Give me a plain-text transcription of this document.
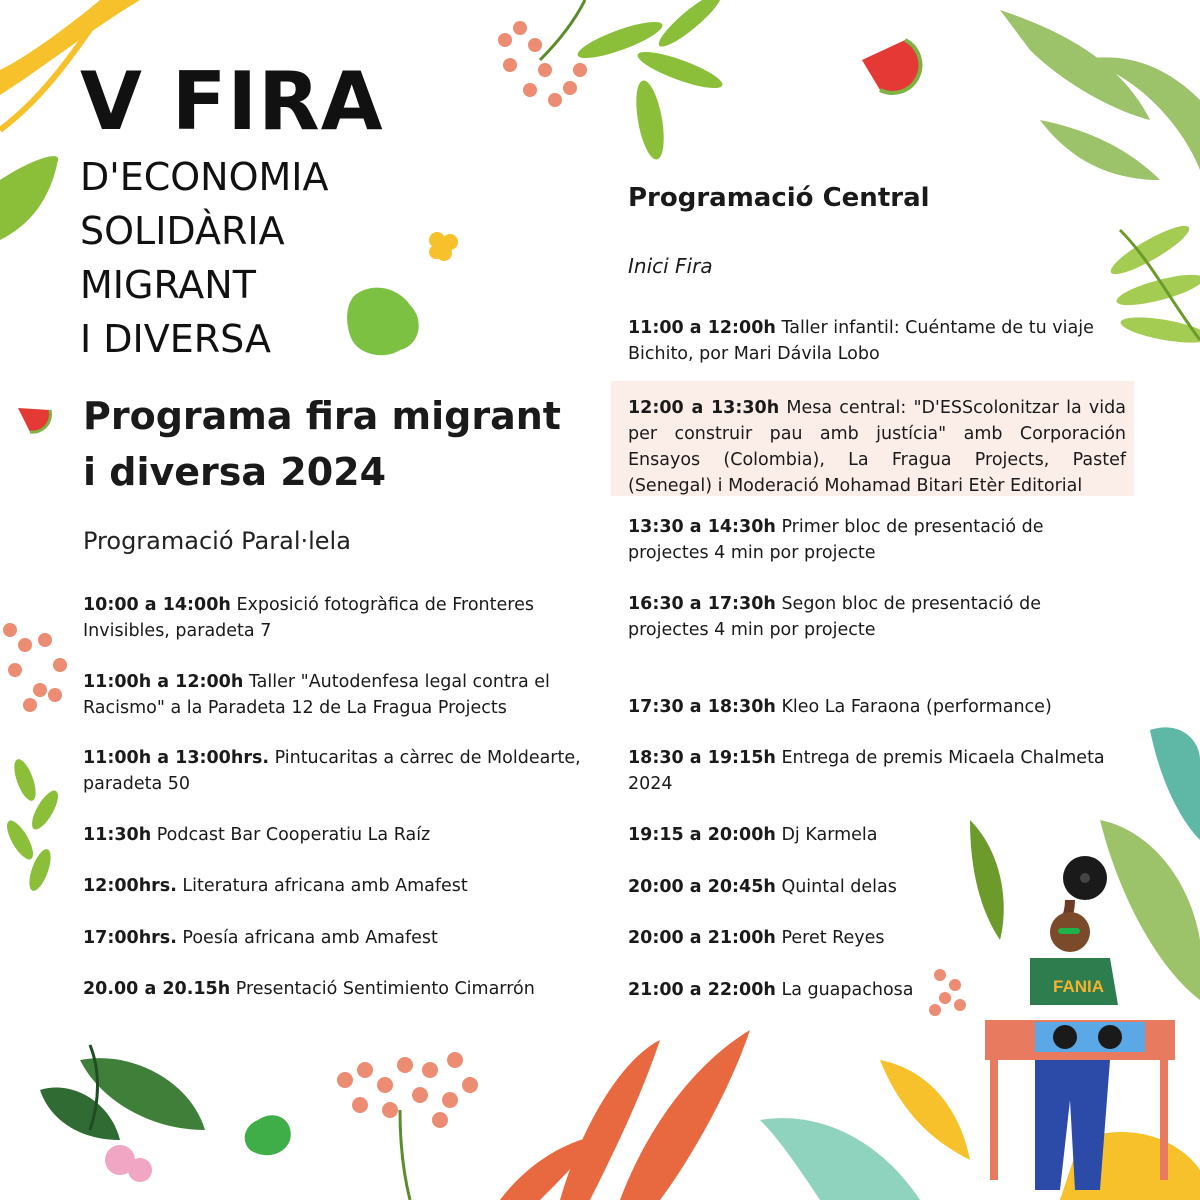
FANIA
V FIRA
D'ECONOMIA
SOLIDÀRIA
MIGRANT
I DIVERSA
Programa fira migrant
i diversa 2024
Programació Paral·lela
10:00 a 14:00h Exposició fotogràfica de Fronteres Invisibles, paradeta 7
11:00h a 12:00h Taller "Autodenfesa legal contra el Racismo" a la Paradeta 12 de La Fragua Projects
11:00h a 13:00hrs. Pintucaritas a càrrec de Moldearte, paradeta 50
11:30h Podcast Bar Cooperatiu La Raíz
12:00hrs. Literatura africana amb Amafest
17:00hrs. Poesía africana amb Amafest
20.00 a 20.15h Presentació Sentimiento Cimarrón
Programació Central
Inici Fira
11:00 a 12:00h Taller infantil: Cuéntame de tu viaje Bichito, por Mari Dávila Lobo
12:00 a 13:30h Mesa central: "D'ESScolonitzar la vida per construir pau amb justícia" amb Corporación Ensayos (Colombia), La Fragua Projects, Pastef (Senegal) i Moderació Mohamad Bitari Etèr Editorial
13:30 a 14:30h Primer bloc de presentació de projectes 4 min por projecte
16:30 a 17:30h Segon bloc de presentació de projectes 4 min por projecte
17:30 a 18:30h Kleo La Faraona (performance)
18:30 a 19:15h Entrega de premis Micaela Chalmeta 2024
19:15 a 20:00h Dj Karmela
20:00 a 20:45h Quintal delas
20:00 a 21:00h Peret Reyes
21:00 a 22:00h La guapachosa
